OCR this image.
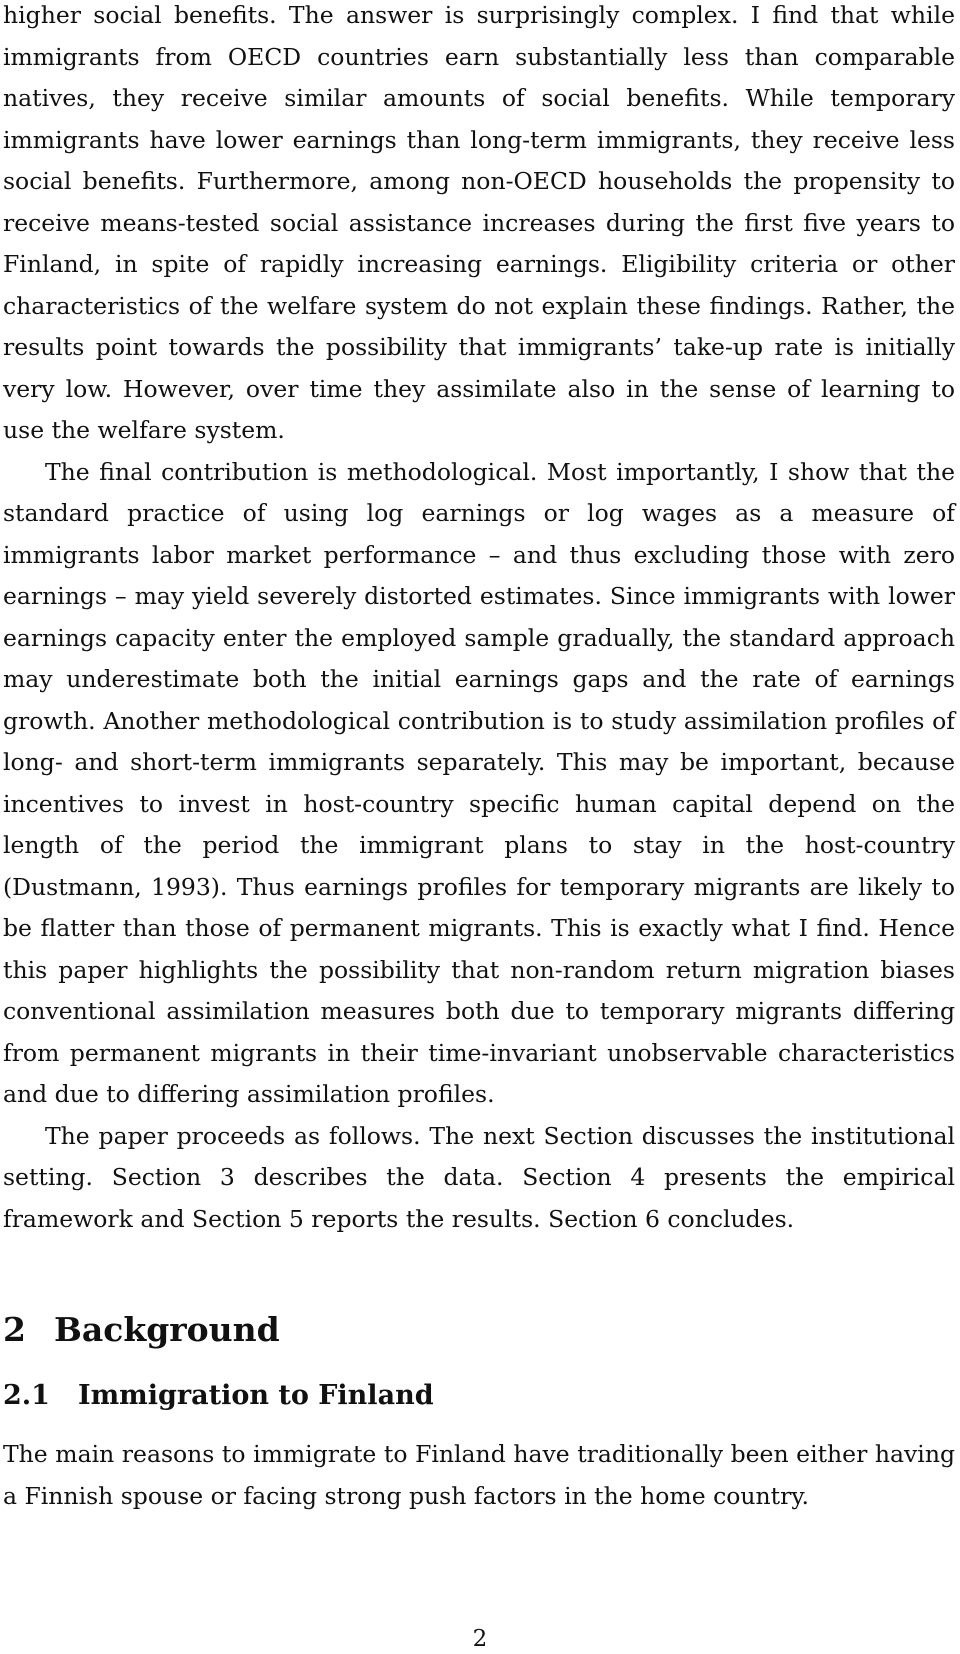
higher social benefits. The answer is surprisingly complex. I find that while immigrants from OECD countries earn substantially less than comparable natives, they receive similar amounts of social benefits. While temporary immigrants have lower earnings than long-term immigrants, they receive less social benefits. Furthermore, among non-OECD households the propensity to receive means-tested social assistance increases during the first five years to Finland, in spite of rapidly increasing earnings. Eligibility criteria or other characteristics of the welfare system do not explain these findings. Rather, the results point towards the possibility that immigrants’ take-up rate is initially very low. However, over time they assimilate also in the sense of learning to use the welfare system.

The final contribution is methodological. Most importantly, I show that the standard practice of using log earnings or log wages as a measure of immigrants labor market performance – and thus excluding those with zero earnings – may yield severely distorted estimates. Since immigrants with lower earnings capacity enter the employed sample gradually, the standard approach may underestimate both the initial earnings gaps and the rate of earnings growth. Another methodological contribution is to study assimilation profiles of long- and short-term immigrants separately. This may be important, because incentives to invest in host-country specific human capital depend on the length of the period the immigrant plans to stay in the host-country (Dustmann, 1993). Thus earnings profiles for temporary migrants are likely to be flatter than those of permanent migrants. This is exactly what I find. Hence this paper highlights the possibility that non-random return migration biases conventional assimilation measures both due to temporary migrants differing from permanent migrants in their time-invariant unobservable characteristics and due to differing assimilation profiles.

The paper proceeds as follows. The next Section discusses the institutional setting. Section 3 describes the data. Section 4 presents the empirical framework and Section 5 reports the results. Section 6 concludes.

2 Background
2.1 Immigration to Finland

The main reasons to immigrate to Finland have traditionally been either having a Finnish spouse or facing strong push factors in the home country.

2
